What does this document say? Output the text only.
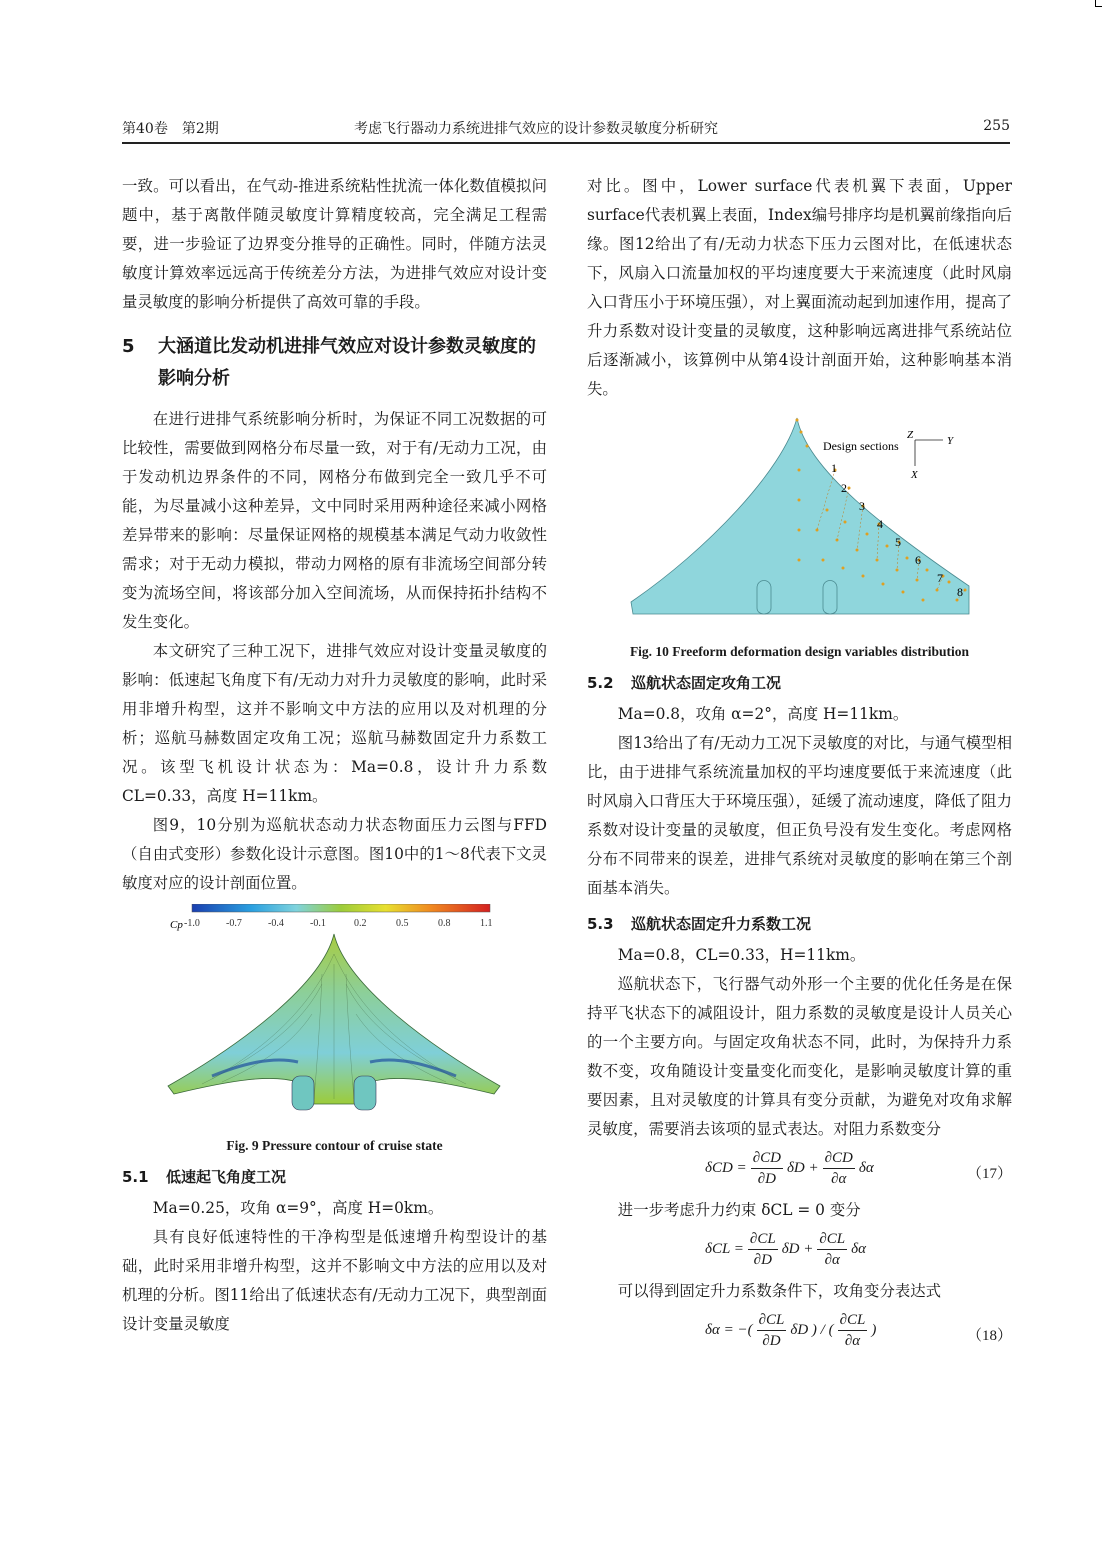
第40卷　第2期	考虑飞行器动力系统进排气效应的设计参数灵敏度分析研究	255

一致。可以看出，在气动-推进系统粘性扰流一体化数值模拟问题中，基于离散伴随灵敏度计算精度较高，完全满足工程需要，进一步验证了边界变分推导的正确性。同时，伴随方法灵敏度计算效率远远高于传统差分方法，为进排气效应对设计变量灵敏度的影响分析提供了高效可靠的手段。

5	大涵道比发动机进排气效应对设计参数灵敏度的影响分析

在进行进排气系统影响分析时，为保证不同工况数据的可比较性，需要做到网格分布尽量一致，对于有/无动力工况，由于发动机边界条件的不同，网格分布做到完全一致几乎不可能，为尽量减小这种差异，文中同时采用两种途径来减小网格差异带来的影响：尽量保证网格的规模基本满足气动力收敛性需求；对于无动力模拟，带动力网格的原有非流场空间部分转变为流场空间，将该部分加入空间流场，从而保持拓扑结构不发生变化。

本文研究了三种工况下，进排气效应对设计变量灵敏度的影响：低速起飞角度下有/无动力对升力灵敏度的影响，此时采用非增升构型，这并不影响文中方法的应用以及对机理的分析；巡航马赫数固定攻角工况；巡航马赫数固定升力系数工况。该型飞机设计状态为：Ma=0.8，设计升力系数 CL=0.33，高度 H=11km。

图9，10分别为巡航状态动力状态物面压力云图与FFD（自由式变形）参数化设计示意图。图10中的1～8代表下文灵敏度对应的设计剖面位置。

Cp -1.0	-0.7	-0.4	-0.1	0.2	0.5	0.8	1.1
Fig. 9 Pressure contour of cruise state
5.1 低速起飞角度工况

Ma=0.25，攻角 α=9°，高度 H=0km。

具有良好低速特性的干净构型是低速增升构型设计的基础，此时采用非增升构型，这并不影响文中方法的应用以及对机理的分析。图11给出了低速状态有/无动力工况下，典型剖面设计变量灵敏度

对比。图中，Lower surface代表机翼下表面，Upper surface代表机翼上表面，Index编号排序均是机翼前缘指向后缘。图12给出了有/无动力状态下压力云图对比，在低速状态下，风扇入口流量加权的平均速度要大于来流速度（此时风扇入口背压小于环境压强），对上翼面流动起到加速作用，提高了升力系数对设计变量的灵敏度，这种影响远离进排气系统站位后逐渐减小，该算例中从第4设计剖面开始，这种影响基本消失。

Design sections
Z	Y
X
1
2
3
4
5
6
7
8
Fig. 10 Freeform deformation design variables distribution
5.2 巡航状态固定攻角工况

Ma=0.8，攻角 α=2°，高度 H=11km。

图13给出了有/无动力工况下灵敏度的对比，与通气模型相比，由于进排气系统流量加权的平均速度要低于来流速度（此时风扇入口背压大于环境压强），延缓了流动速度，降低了阻力系数对设计变量的灵敏度，但正负号没有发生变化。考虑网格分布不同带来的误差，进排气系统对灵敏度的影响在第三个剖面基本消失。

5.3 巡航状态固定升力系数工况

Ma=0.8，CL=0.33，H=11km。

巡航状态下，飞行器气动外形一个主要的优化任务是在保持平飞状态下的减阻设计，阻力系数的灵敏度是设计人员关心的一个主要方向。与固定攻角状态不同，此时，为保持升力系数不变，攻角随设计变量变化而变化，是影响灵敏度计算的重要因素，且对灵敏度的计算具有变分贡献，为避免对攻角求解灵敏度，需要消去该项的显式表达。对阻力系数变分

$\delta CD = \frac{\partial CD}{\partial D}$ $\delta D + \frac{\partial CD}{\partial\alpha}$ δα	（17）

进一步考虑升力约束 δCL = 0 变分

$\delta CL = \frac{\partial CL}{\partial D}$ $\delta D + \frac{\partial CL}{\partial\alpha}$ δα

可以得到固定升力系数条件下，攻角变分表达式

δα = −( $\frac{\partial CL}{\partial D}$ δD ) / ( $\frac{\partial CL}{\partial\alpha}$ )	（18）
